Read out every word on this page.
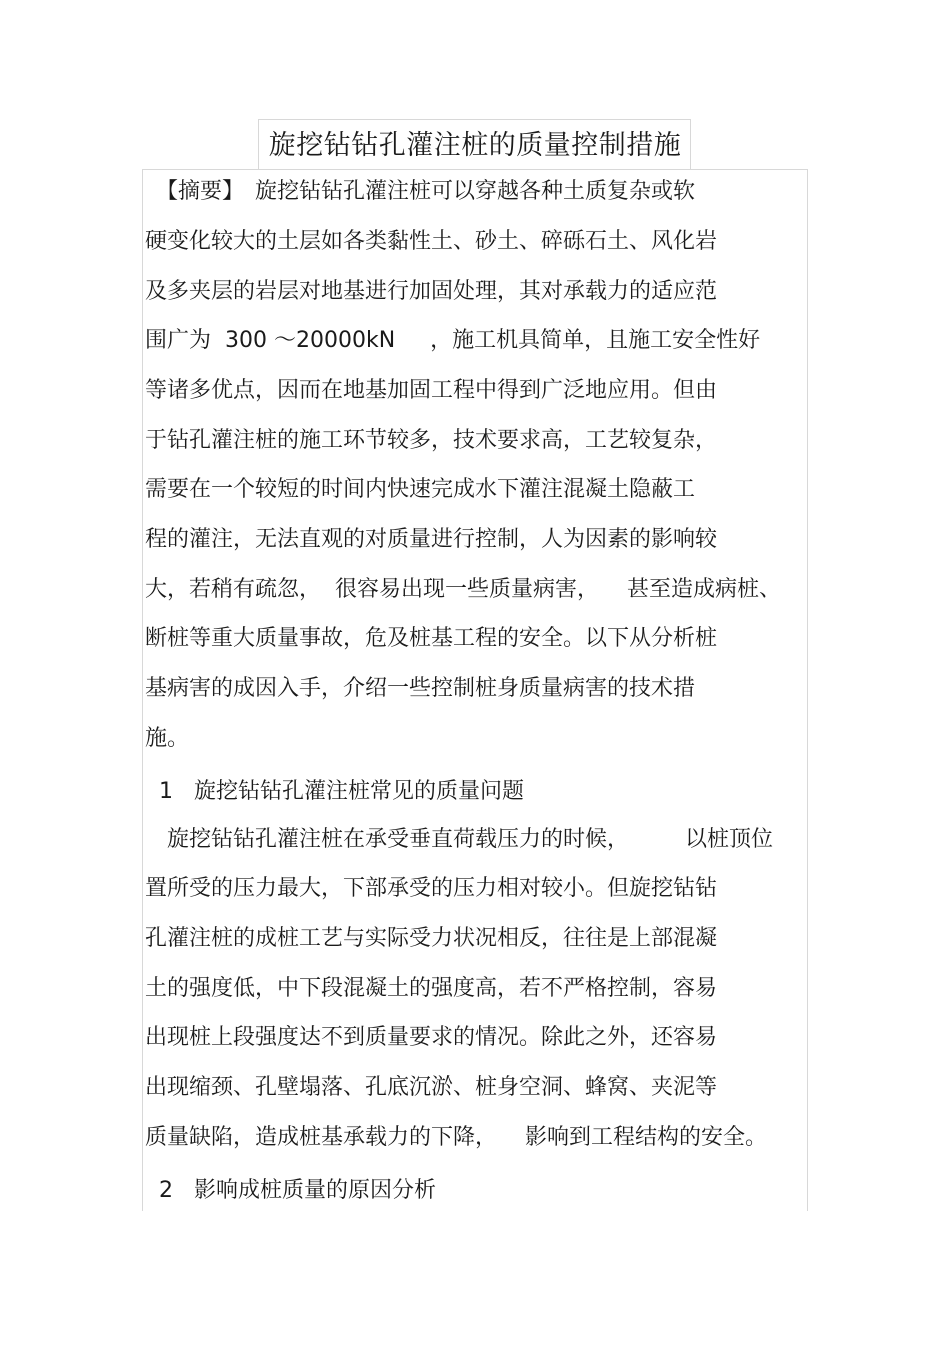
旋挖钻钻孔灌注桩的质量控制措施
　【摘要】　旋挖钻钻孔灌注桩可以穿越各种土质复杂或软
硬变化较大的土层如各类黏性土、砂土、碎砾石土、风化岩
及多夹层的岩层对地基进行加固处理，其对承载力的适应范
围广为  300 ～20000kN     ，施工机具简单，且施工安全性好
等诸多优点，因而在地基加固工程中得到广泛地应用。但由
于钻孔灌注桩的施工环节较多，技术要求高，工艺较复杂，
需要在一个较短的时间内快速完成水下灌注混凝土隐蔽工
程的灌注，无法直观的对质量进行控制，人为因素的影响较
大，若稍有疏忽，  很容易出现一些质量病害，    甚至造成病桩、
断桩等重大质量事故，危及桩基工程的安全。以下从分析桩
基病害的成因入手，介绍一些控制桩身质量病害的技术措
施。
1   旋挖钻钻孔灌注桩常见的质量问题
　旋挖钻钻孔灌注桩在承受垂直荷载压力的时候，        以桩顶位
置所受的压力最大，下部承受的压力相对较小。但旋挖钻钻
孔灌注桩的成桩工艺与实际受力状况相反，往往是上部混凝
土的强度低，中下段混凝土的强度高，若不严格控制，容易
出现桩上段强度达不到质量要求的情况。除此之外，还容易
出现缩颈、孔壁塌落、孔底沉淤、桩身空洞、蜂窝、夹泥等
质量缺陷，造成桩基承载力的下降，    影响到工程结构的安全。
2   影响成桩质量的原因分析
